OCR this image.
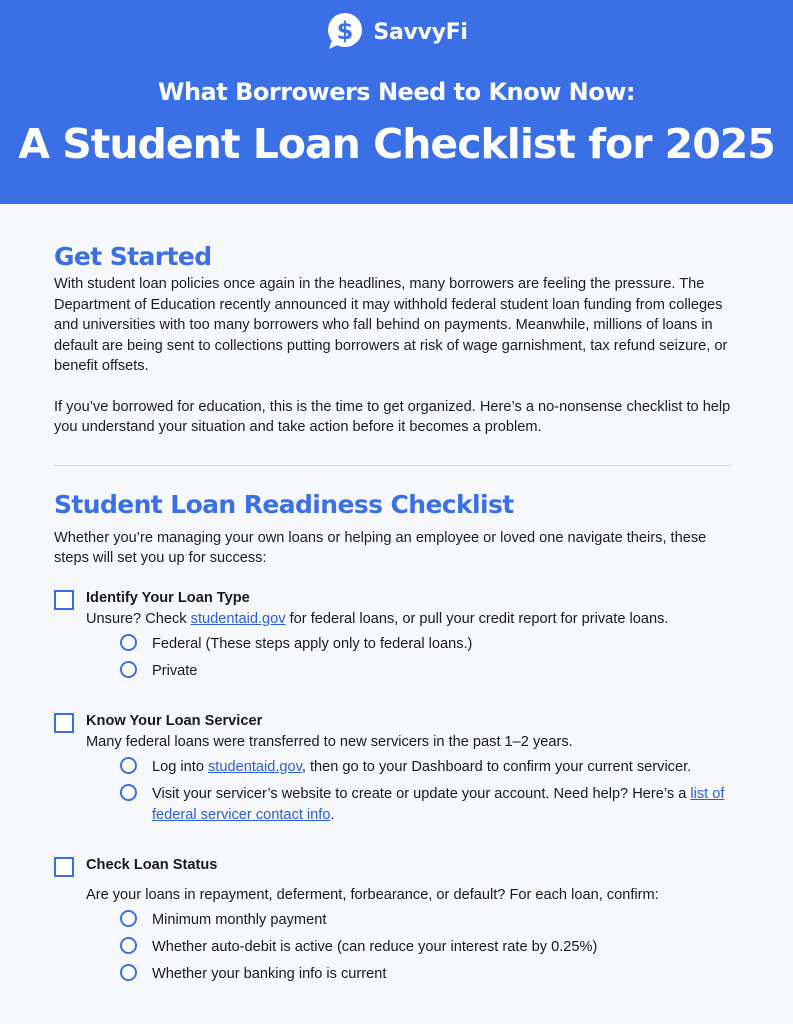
$ SavvyFi
What Borrowers Need to Know Now:
A Student Loan Checklist for 2025
Get Started

With student loan policies once again in the headlines, many borrowers are feeling the pressure. The Department of Education recently announced it may withhold federal student loan funding from colleges and universities with too many borrowers who fall behind on payments. Meanwhile, millions of loans in default are being sent to collections putting borrowers at risk of wage garnishment, tax refund seizure, or benefit offsets.

If you’ve borrowed for education, this is the time to get organized. Here’s a no-nonsense checklist to help you understand your situation and take action before it becomes a problem.

Student Loan Readiness Checklist

Whether you’re managing your own loans or helping an employee or loved one navigate theirs, these steps will set you up for success:

Identify Your Loan Type
Unsure? Check studentaid.gov for federal loans, or pull your credit report for private loans.
Federal (These steps apply only to federal loans.)
Private
Know Your Loan Servicer
Many federal loans were transferred to new servicers in the past 1–2 years.
Log into studentaid.gov, then go to your Dashboard to confirm your current servicer.
Visit your servicer’s website to create or update your account. Need help? Here’s a list of federal servicer contact info.
Check Loan Status
Are your loans in repayment, deferment, forbearance, or default? For each loan, confirm:
Minimum monthly payment
Whether auto-debit is active (can reduce your interest rate by 0.25%)
Whether your banking info is current
